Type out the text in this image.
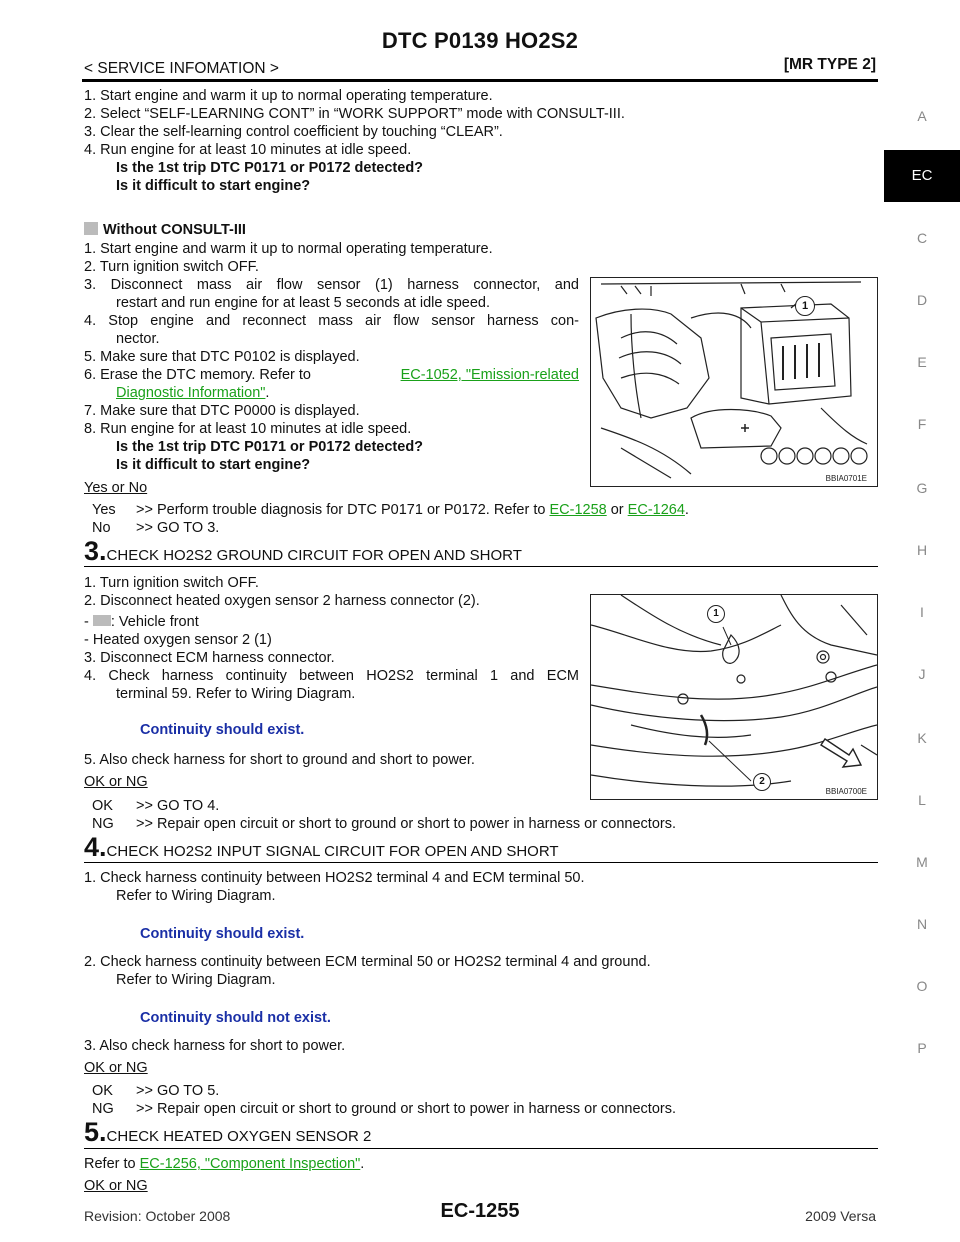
DTC P0139 HO2S2
< SERVICE INFOMATION >	[MR TYPE 2]
A
EC
C
D
E
F
G
H
I
J
K
L
M
N
O
P
1. Start engine and warm it up to normal operating temperature.
2. Select “SELF-LEARNING CONT” in “WORK SUPPORT” mode with CONSULT-III.
3. Clear the self-learning control coefficient by touching “CLEAR”.
4. Run engine for at least 10 minutes at idle speed.
Is the 1st trip DTC P0171 or P0172 detected?
Is it difficult to start engine?
Without CONSULT-III
1. Start engine and warm it up to normal operating temperature.
2. Turn ignition switch OFF.
3. Disconnect mass air flow sensor (1) harness connector, and
restart and run engine for at least 5 seconds at idle speed.
4. Stop engine and reconnect mass air flow sensor harness con-
nector.
5. Make sure that DTC P0102 is displayed.
6. Erase the DTC memory. Refer to	EC-1052, "Emission-related
Diagnostic Information".
7. Make sure that DTC P0000 is displayed.
8. Run engine for at least 10 minutes at idle speed.
Is the 1st trip DTC P0171 or P0172 detected?
Is it difficult to start engine?
1
BBIA0701E
Yes or No
Yes >> Perform trouble diagnosis for DTC P0171 or P0172. Refer to EC-1258 or EC-1264.
No >> GO TO 3.
3.CHECK HO2S2 GROUND CIRCUIT FOR OPEN AND SHORT
1. Turn ignition switch OFF.
2. Disconnect heated oxygen sensor 2 harness connector (2).
- : Vehicle front
- Heated oxygen sensor 2 (1)
3. Disconnect ECM harness connector.
4. Check harness continuity between HO2S2 terminal 1 and ECM
terminal 59. Refer to Wiring Diagram.
Continuity should exist.
5. Also check harness for short to ground and short to power.
OK or NG
OK >> GO TO 4.
NG >> Repair open circuit or short to ground or short to power in harness or connectors.
1
2
BBIA0700E
4.CHECK HO2S2 INPUT SIGNAL CIRCUIT FOR OPEN AND SHORT
1. Check harness continuity between HO2S2 terminal 4 and ECM terminal 50.
Refer to Wiring Diagram.
Continuity should exist.
2. Check harness continuity between ECM terminal 50 or HO2S2 terminal 4 and ground.
Refer to Wiring Diagram.
Continuity should not exist.
3. Also check harness for short to power.
OK or NG
OK >> GO TO 5.
NG >> Repair open circuit or short to ground or short to power in harness or connectors.
5.CHECK HEATED OXYGEN SENSOR 2
Refer to EC-1256, "Component Inspection".
OK or NG
Revision: October 2008	EC-1255	2009 Versa
